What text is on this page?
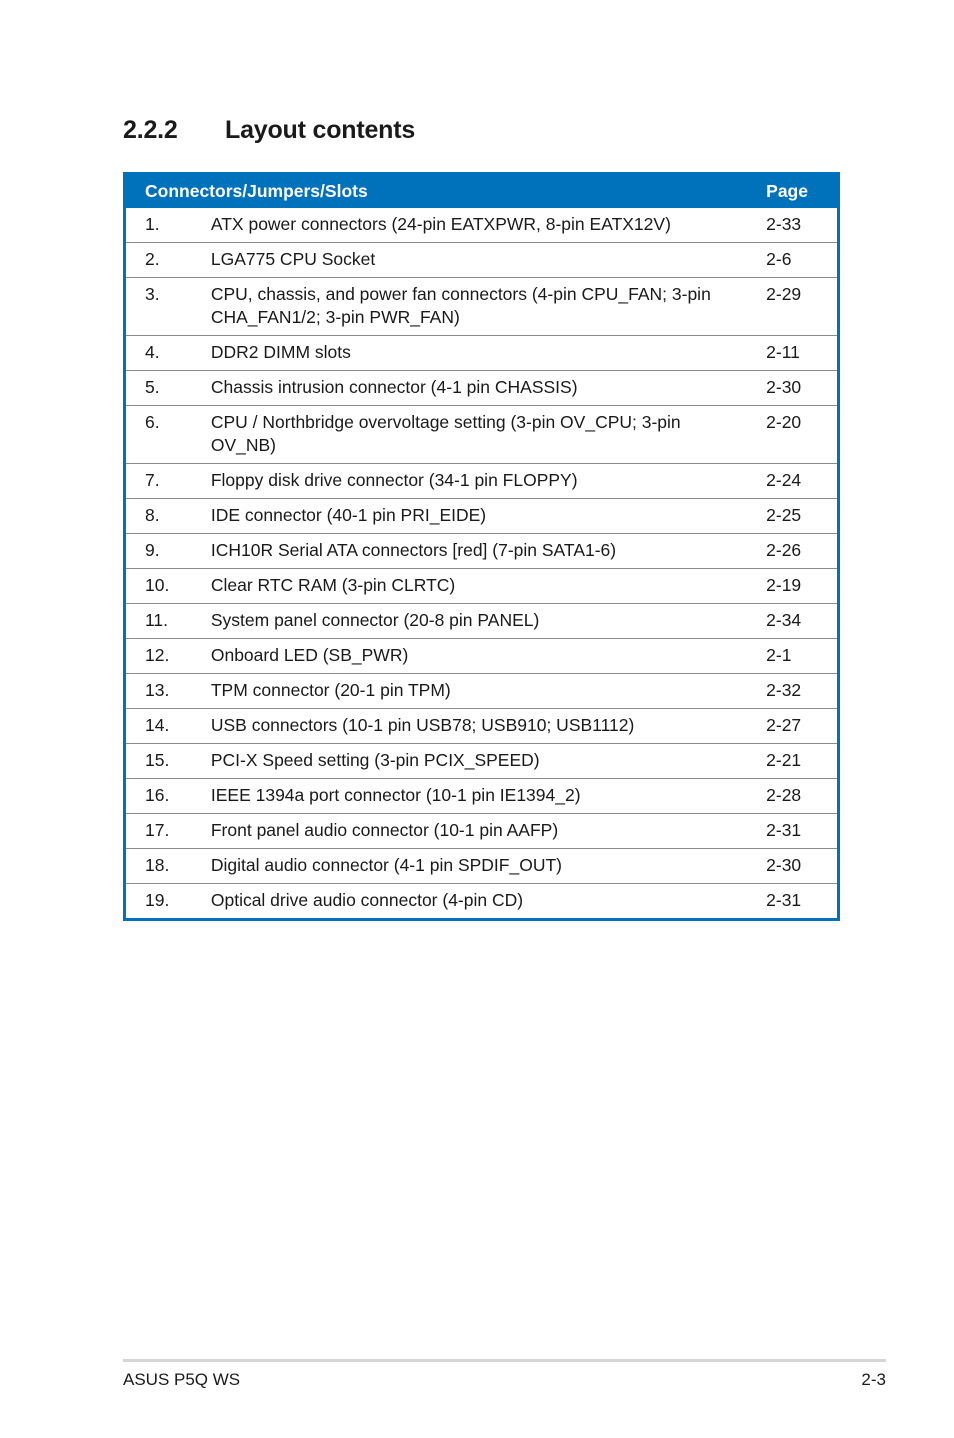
2.2.2 Layout contents
Connectors/Jumpers/Slots		Page
1.	ATX power connectors (24-pin EATXPWR, 8-pin EATX12V)	2-33
2.	LGA775 CPU Socket	2-6
3.	CPU, chassis, and power fan connectors (4-pin CPU_FAN; 3-pin CHA_FAN1/2; 3-pin PWR_FAN)	2-29
4.	DDR2 DIMM slots	2-11
5.	Chassis intrusion connector (4-1 pin CHASSIS)	2-30
6.	CPU / Northbridge overvoltage setting (3-pin OV_CPU; 3-pin OV_NB)	2-20
7.	Floppy disk drive connector (34-1 pin FLOPPY)	2-24
8.	IDE connector (40-1 pin PRI_EIDE)	2-25
9.	ICH10R Serial ATA connectors [red] (7-pin SATA1-6)	2-26
10.	Clear RTC RAM (3-pin CLRTC)	2-19
11.	System panel connector (20-8 pin PANEL)	2-34
12.	Onboard LED (SB_PWR)	2-1
13.	TPM connector (20-1 pin TPM)	2-32
14.	USB connectors (10-1 pin USB78; USB910; USB1112)	2-27
15.	PCI-X Speed setting (3-pin PCIX_SPEED)	2-21
16.	IEEE 1394a port connector (10-1 pin IE1394_2)	2-28
17.	Front panel audio connector (10-1 pin AAFP)	2-31
18.	Digital audio connector (4-1 pin SPDIF_OUT)	2-30
19.	Optical drive audio connector (4-pin CD)	2-31
ASUS P5Q WS	2-3
